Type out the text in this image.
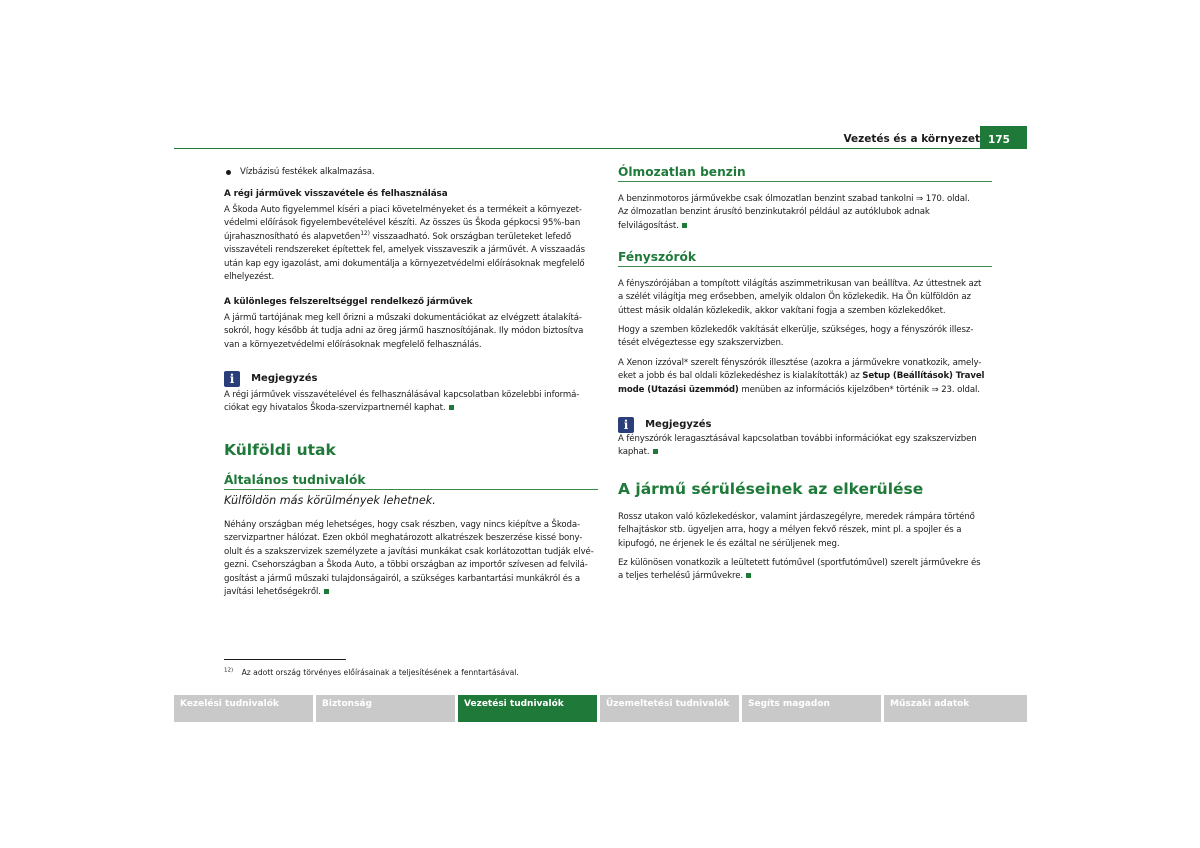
Vezetés és a környezet 175
Vízbázisú festékek alkalmazása.
A régi járművek visszavétele és felhasználása

A Škoda Auto figyelemmel kíséri a piaci követelményeket és a termékeit a környezet-

védelmi előírások figyelembevételével készíti. Az összes üs Škoda gépkocsi 95%-ban

újrahasznosítható és alapvetően$^{12)}$ visszaadható. Sok országban területeket lefedő

visszavételi rendszereket építettek fel, amelyek visszaveszik a járművét. A visszaadás

után kap egy igazolást, ami dokumentálja a környezetvédelmi előírásoknak megfelelő

elhelyezést.

A különleges felszereltséggel rendelkező járművek

A jármű tartójának meg kell őrizni a műszaki dokumentációkat az elvégzett átalakítá-

sokról, hogy később át tudja adni az öreg jármű hasznosítójának. Ily módon biztosítva

van a környezetvédelmi előírásoknak megfelelő felhasználás.

i Megjegyzés

A régi járművek visszavételével és felhasználásával kapcsolatban közelebbi informá-

ciókat egy hivatalos Škoda-szervizpartnernél kaphat.

Külföldi utak
Általános tudnivalók
Külföldön más körülmények lehetnek.

Néhány országban még lehetséges, hogy csak részben, vagy nincs kiépítve a Škoda-

szervizpartner hálózat. Ezen okból meghatározott alkatrészek beszerzése kissé bony-

olult és a szakszervizek személyzete a javítási munkákat csak korlátozottan tudják elvé-

gezni. Csehországban a Škoda Auto, a többi országban az importőr szívesen ad felvilá-

gosítást a jármű műszaki tulajdonságairól, a szükséges karbantartási munkákról és a

javítási lehetőségekről.

$^{12)}$ Az adott ország törvényes előírásainak a teljesítésének a fenntartásával.
Ólmozatlan benzin

A benzinmotoros járművekbe csak ólmozatlan benzint szabad tankolni ⇒ 170. oldal.

Az ólmozatlan benzint árusító benzinkutakról például az autóklubok adnak

felvilágosítást.

Fényszórók

A fényszórójában a tompított világítás aszimmetrikusan van beállítva. Az úttestnek azt

a szélét világítja meg erősebben, amelyik oldalon Ön közlekedik. Ha Ön külföldön az

úttest másik oldalán közlekedik, akkor vakítani fogja a szemben közlekedőket.

Hogy a szemben közlekedők vakítását elkerülje, szükséges, hogy a fényszórók illesz-

tését elvégeztesse egy szakszervizben.

A Xenon izzóval* szerelt fényszórók illesztése (azokra a járművekre vonatkozik, amely-

eket a jobb és bal oldali közlekedéshez is kialakították) az Setup (Beállítások) Travel

mode (Utazási üzemmód) menüben az információs kijelzőben* történik ⇒ 23. oldal.

i Megjegyzés

A fényszórók leragasztásával kapcsolatban további információkat egy szakszervizben

kaphat.

A jármű sérüléseinek az elkerülése

Rossz utakon való közlekedéskor, valamint járdaszegélyre, meredek rámpára történő

felhajtáskor stb. ügyeljen arra, hogy a mélyen fekvő részek, mint pl. a spojler és a

kipufogó, ne érjenek le és ezáltal ne sérüljenek meg.

Ez különösen vonatkozik a leültetett futóművel (sportfutóművel) szerelt járművekre és

a teljes terhelésű járművekre.

Kezelési tudnivalók	Biztonság	Vezetési tudnivalók	Üzemeltetési tudnivalók	Segíts magadon	Műszaki adatok
